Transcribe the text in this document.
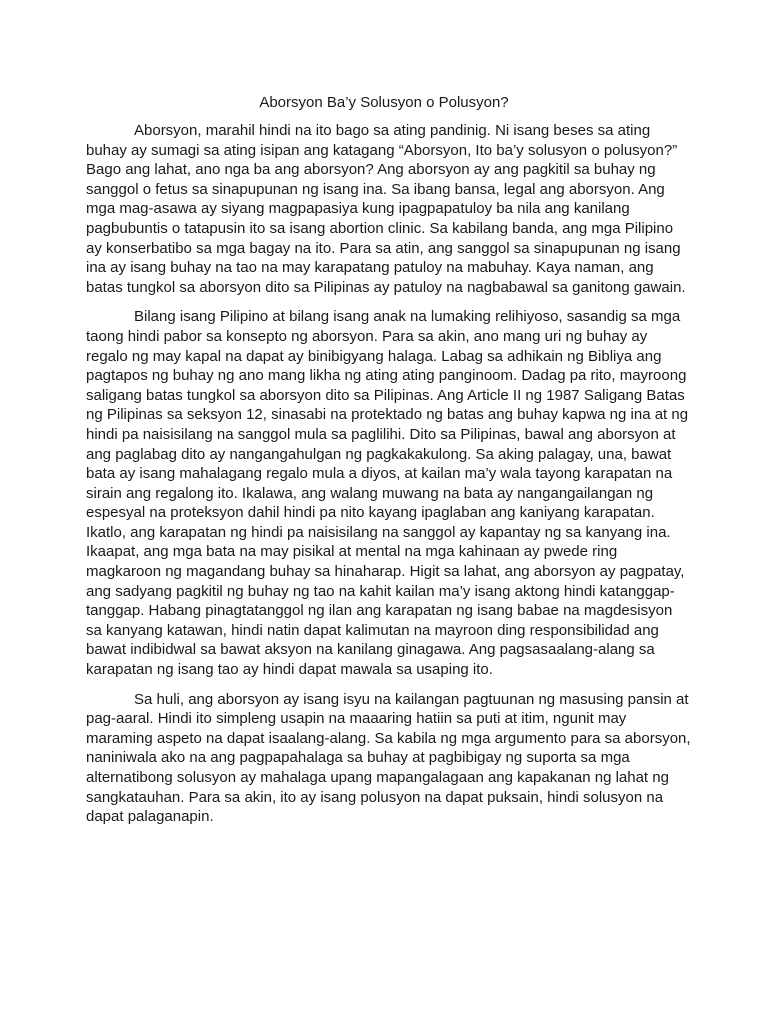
Aborsyon Ba’y Solusyon o Polusyon?

Aborsyon, marahil hindi na ito bago sa ating pandinig. Ni isang beses sa ating buhay ay sumagi sa ating isipan ang katagang “Aborsyon, Ito ba’y solusyon o polusyon?” Bago ang lahat, ano nga ba ang aborsyon? Ang aborsyon ay ang pagkitil sa buhay ng sanggol o fetus sa sinapupunan ng isang ina. Sa ibang bansa, legal ang aborsyon. Ang mga mag-asawa ay siyang magpapasiya kung ipagpapatuloy ba nila ang kanilang pagbubuntis o tatapusin ito sa isang abortion clinic. Sa kabilang banda, ang mga Pilipino ay konserbatibo sa mga bagay na ito. Para sa atin, ang sanggol sa sinapupunan ng isang ina ay isang buhay na tao na may karapatang patuloy na mabuhay. Kaya naman, ang batas tungkol sa aborsyon dito sa Pilipinas ay patuloy na nagbabawal sa ganitong gawain.

Bilang isang Pilipino at bilang isang anak na lumaking relihiyoso, sasandig sa mga taong hindi pabor sa konsepto ng aborsyon. Para sa akin, ano mang uri ng buhay ay regalo ng may kapal na dapat ay binibigyang halaga. Labag sa adhikain ng Bibliya ang pagtapos ng buhay ng ano mang likha ng ating ating panginoom. Dadag pa rito, mayroong saligang batas tungkol sa aborsyon dito sa Pilipinas. Ang Article II ng 1987 Saligang Batas ng Pilipinas sa seksyon 12, sinasabi na protektado ng batas ang buhay kapwa ng ina at ng hindi pa naisisilang na sanggol mula sa paglilihi. Dito sa Pilipinas, bawal ang aborsyon at ang paglabag dito ay nangangahulgan ng pagkakakulong. Sa aking palagay, una, bawat bata ay isang mahalagang regalo mula a diyos, at kailan ma’y wala tayong karapatan na sirain ang regalong ito. Ikalawa, ang walang muwang na bata ay nangangailangan ng espesyal na proteksyon dahil hindi pa nito kayang ipaglaban ang kaniyang karapatan. Ikatlo, ang karapatan ng hindi pa naisisilang na sanggol ay kapantay ng sa kanyang ina. Ikaapat, ang mga bata na may pisikal at mental na mga kahinaan ay pwede ring magkaroon ng magandang buhay sa hinaharap. Higit sa lahat, ang aborsyon ay pagpatay, ang sadyang pagkitil ng buhay ng tao na kahit kailan ma’y isang aktong hindi katanggap-tanggap. Habang pinagtatanggol ng ilan ang karapatan ng isang babae na magdesisyon sa kanyang katawan, hindi natin dapat kalimutan na mayroon ding responsibilidad ang bawat indibidwal sa bawat aksyon na kanilang ginagawa. Ang pagsasaalang-alang sa karapatan ng isang tao ay hindi dapat mawala sa usaping ito.

Sa huli, ang aborsyon ay isang isyu na kailangan pagtuunan ng masusing pansin at pag-aaral. Hindi ito simpleng usapin na maaaring hatiin sa puti at itim, ngunit may maraming aspeto na dapat isaalang-alang. Sa kabila ng mga argumento para sa aborsyon, naniniwala ako na ang pagpapahalaga sa buhay at pagbibigay ng suporta sa mga alternatibong solusyon ay mahalaga upang mapangalagaan ang kapakanan ng lahat ng sangkatauhan. Para sa akin, ito ay isang polusyon na dapat puksain, hindi solusyon na dapat palaganapin.
